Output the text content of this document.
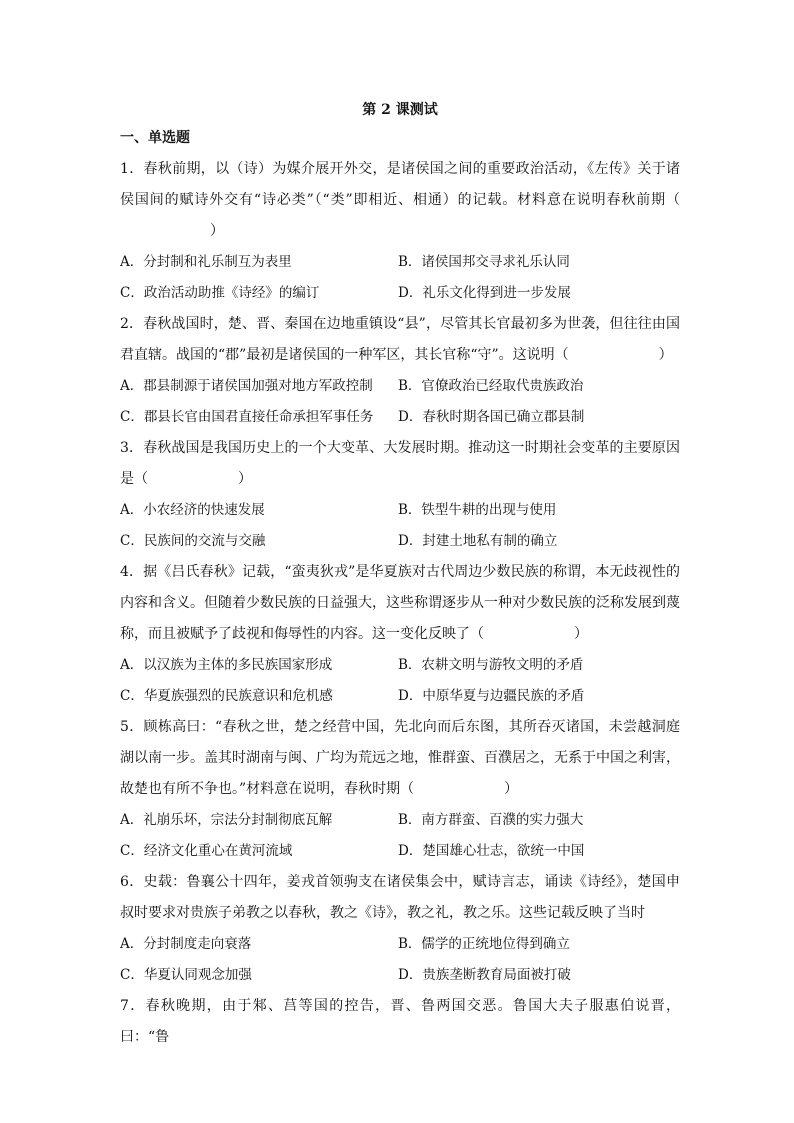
第 2 课测试
一、单选题

1．春秋前期，以（诗）为媒介展开外交，是诸侯国之间的重要政治活动，《左传》关于诸侯国间的赋诗外交有“诗必类”（“类”即相近、相通）的记载。材料意在说明春秋前期（）

A．分封制和礼乐制互为表里	B．诸侯国邦交寻求礼乐认同
C．政治活动助推《诗经》的编订	D．礼乐文化得到进一步发展

2．春秋战国时，楚、晋、秦国在边地重镇设“县”，尽管其长官最初多为世袭，但往往由国君直辖。战国的“郡”最初是诸侯国的一种军区，其长官称“守”。这说明（	）

A．郡县制源于诸侯国加强对地方军政控制	B．官僚政治已经取代贵族政治
C．郡县长官由国君直接任命承担军事任务	D．春秋时期各国已确立郡县制

3．春秋战国是我国历史上的一个大变革、大发展时期。推动这一时期社会变革的主要原因是（	）

A．小农经济的快速发展	B．铁型牛耕的出现与使用
C．民族间的交流与交融	D．封建土地私有制的确立

4．据《吕氏春秋》记载，“蛮夷狄戎”是华夏族对古代周边少数民族的称谓，本无歧视性的内容和含义。但随着少数民族的日益强大，这些称谓逐步从一种对少数民族的泛称发展到蔑称，而且被赋予了歧视和侮辱性的内容。这一变化反映了（	）

A．以汉族为主体的多民族国家形成	B．农耕文明与游牧文明的矛盾
C．华夏族强烈的民族意识和危机感	D．中原华夏与边疆民族的矛盾

5．顾栋高曰：“春秋之世，楚之经营中国，先北向而后东图，其所吞灭诸国，未尝越洞庭湖以南一步。盖其时湖南与闽、广均为荒远之地，惟群蛮、百濮居之，无系于中国之利害，故楚也有所不争也。”材料意在说明，春秋时期（	）

A．礼崩乐坏，宗法分封制彻底瓦解	B．南方群蛮、百濮的实力强大
C．经济文化重心在黄河流域	D．楚国雄心壮志，欲统一中国

6．史载：鲁襄公十四年，姜戎首领驹支在诸侯集会中，赋诗言志，诵读《诗经》，楚国申叔时要求对贵族子弟教之以春秋，教之《诗》，教之礼，教之乐。这些记载反映了当时

A．分封制度走向衰落	B．儒学的正统地位得到确立
C．华夏认同观念加强	D．贵族垄断教育局面被打破

7．春秋晚期，由于邾、莒等国的控告，晋、鲁两国交恶。鲁国大夫子服惠伯说晋，曰：“鲁
